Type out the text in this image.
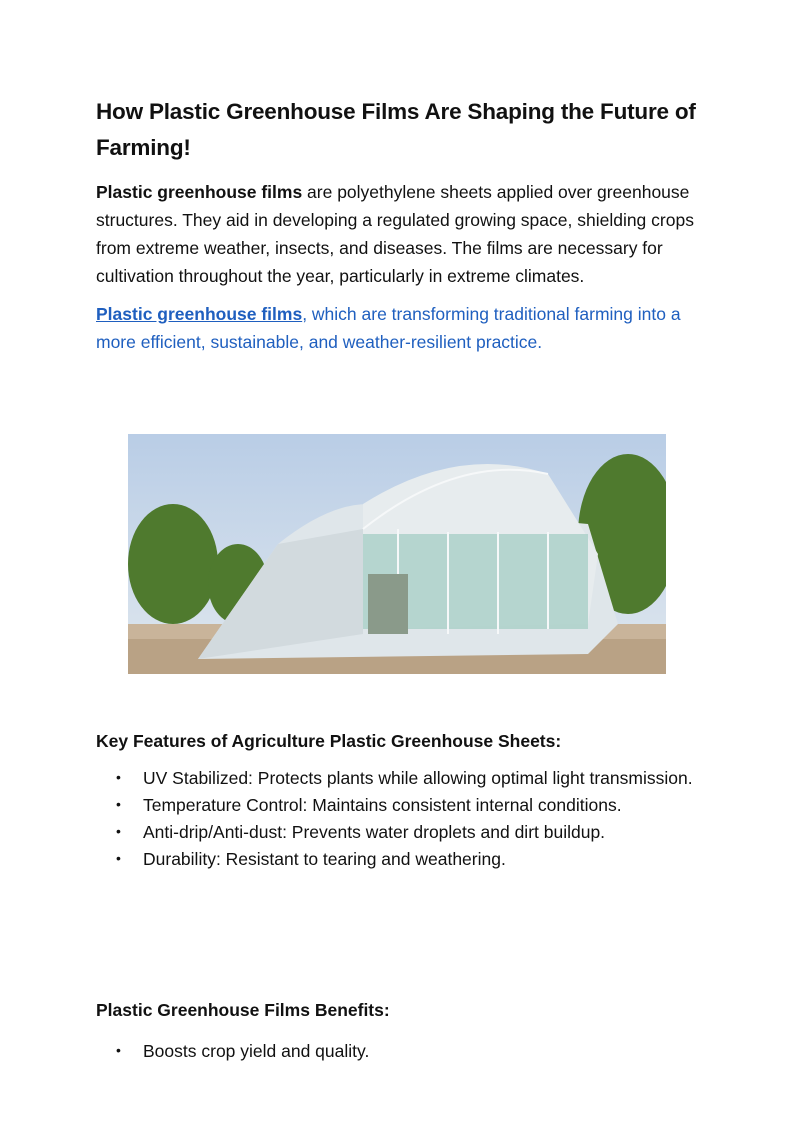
How Plastic Greenhouse Films Are Shaping the Future of Farming!

Plastic greenhouse films are polyethylene sheets applied over greenhouse structures. They aid in developing a regulated growing space, shielding crops from extreme weather, insects, and diseases. The films are necessary for cultivation throughout the year, particularly in extreme climates.

Plastic greenhouse films, which are transforming traditional farming into a more efficient, sustainable, and weather-resilient practice.

Key Features of Agriculture Plastic Greenhouse Sheets:
• UV Stabilized: Protects plants while allowing optimal light transmission.
• Temperature Control: Maintains consistent internal conditions.
• Anti-drip/Anti-dust: Prevents water droplets and dirt buildup.
• Durability: Resistant to tearing and weathering.
Plastic Greenhouse Films Benefits:
• Boosts crop yield and quality.
